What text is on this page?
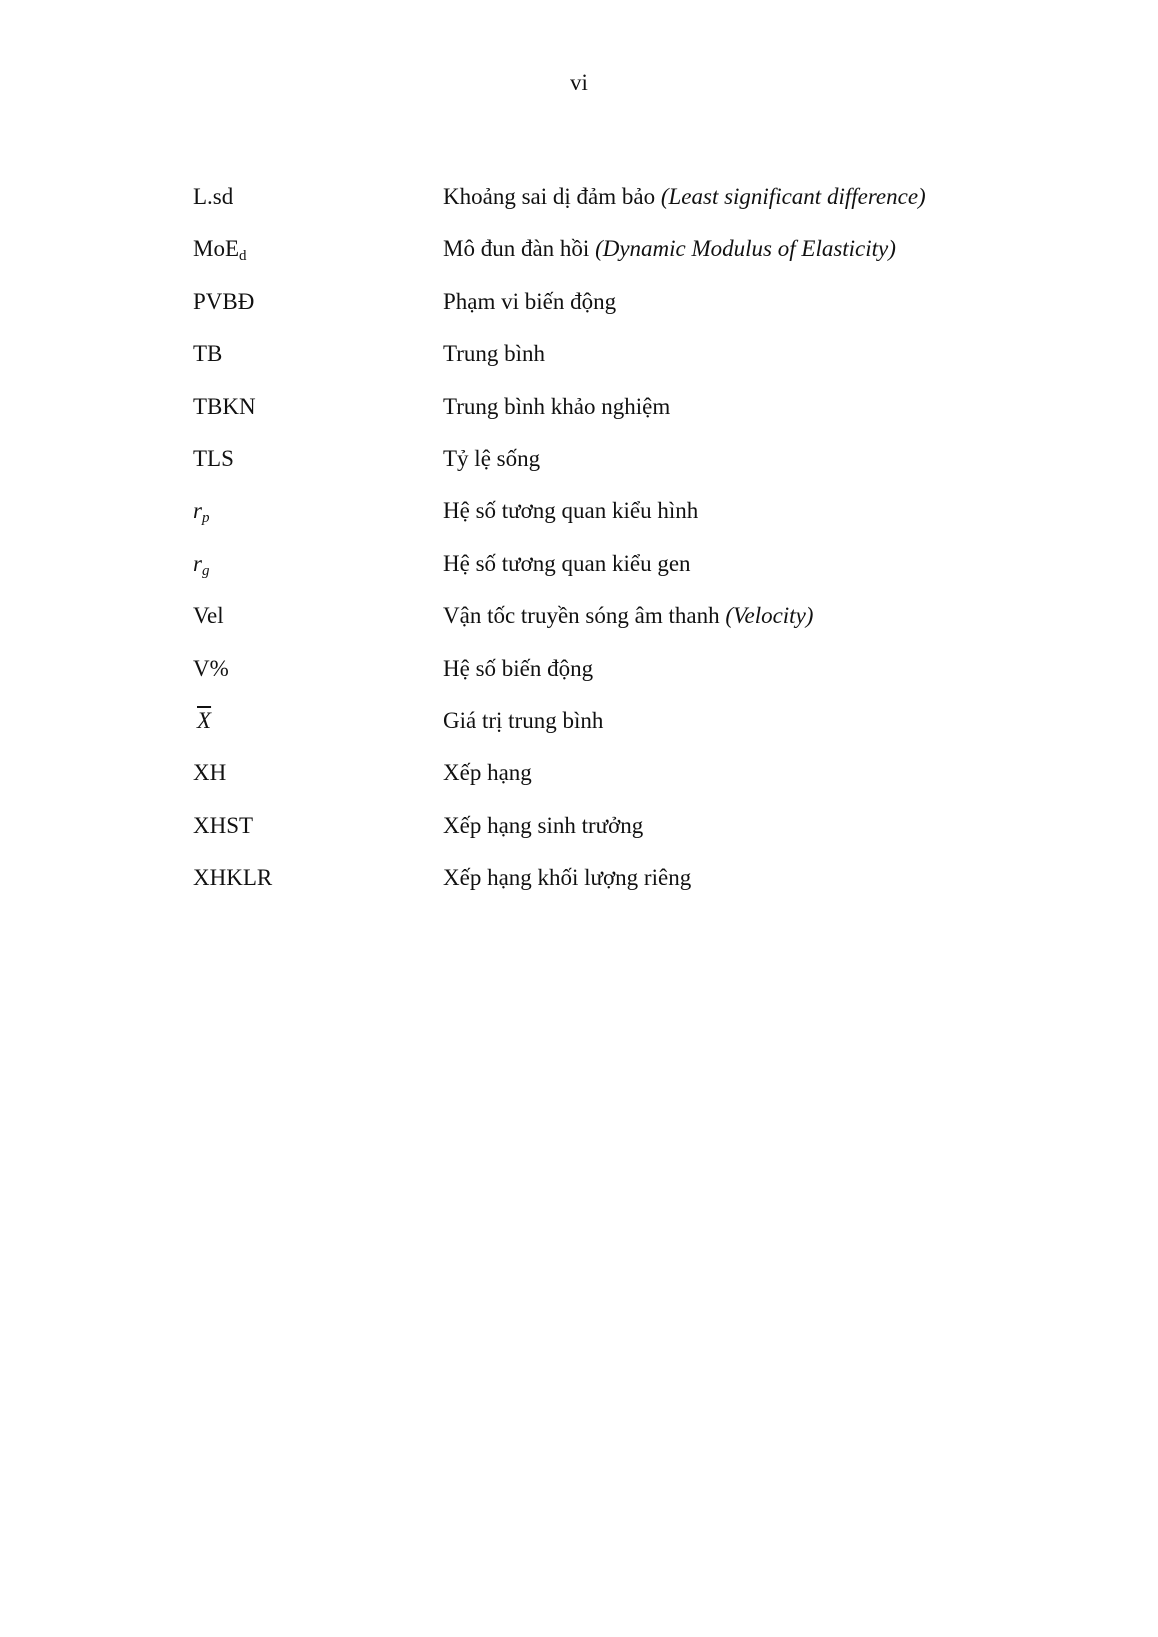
vi
L.sd	Khoảng sai dị đảm bảo (Least significant difference)
MoE$_d$	Mô đun đàn hồi (Dynamic Modulus of Elasticity)
PVBĐ	Phạm vi biến động
TB	Trung bình
TBKN	Trung bình khảo nghiệm
TLS	Tỷ lệ sống
$r_p$	Hệ số tương quan kiểu hình
$r_g$	Hệ số tương quan kiểu gen
Vel	Vận tốc truyền sóng âm thanh (Velocity)
V%	Hệ số biến động
$\overline{X}$	Giá trị trung bình
XH	Xếp hạng
XHST	Xếp hạng sinh trưởng
XHKLR	Xếp hạng khối lượng riêng
